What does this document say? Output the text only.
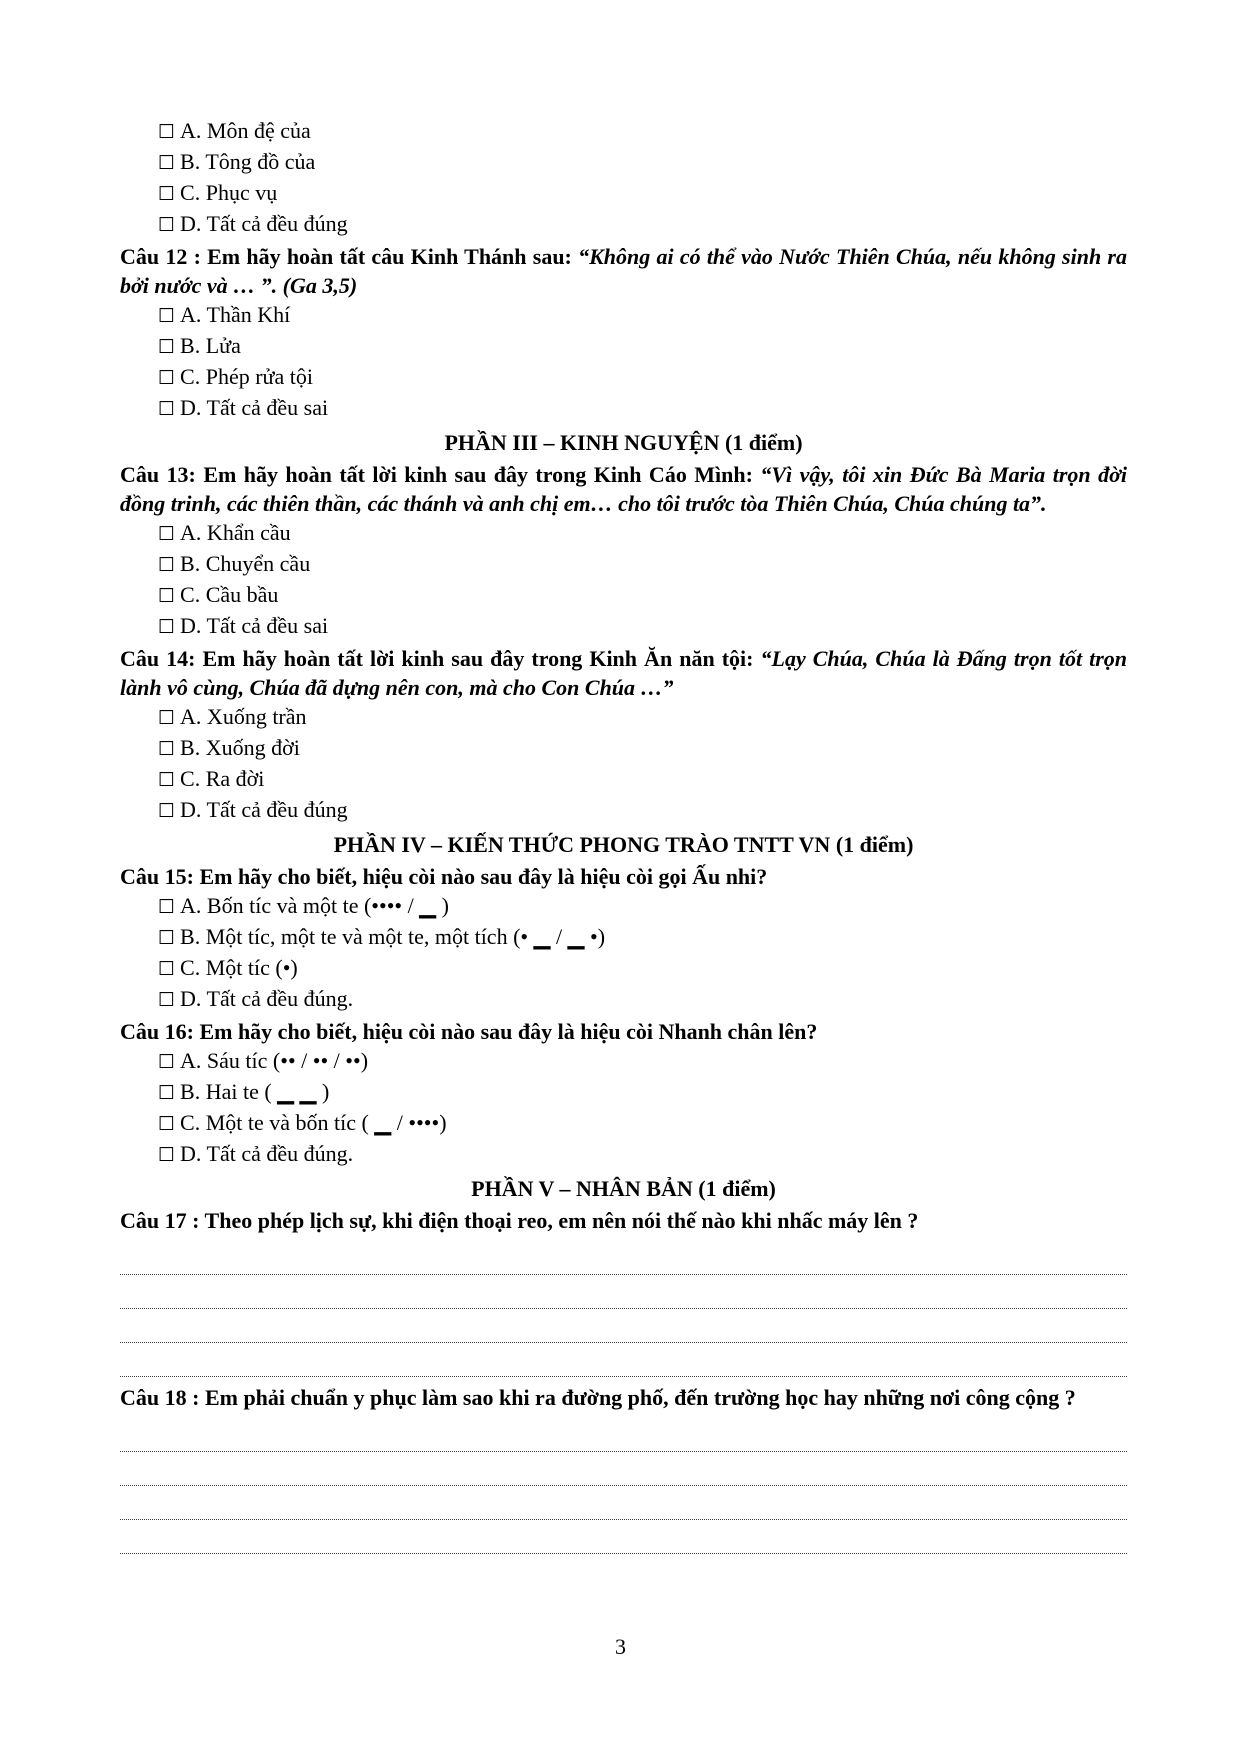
☐ A. Môn đệ của
☐ B. Tông đồ của
☐ C. Phục vụ
☐ D. Tất cả đều đúng
Câu 12 : Em hãy hoàn tất câu Kinh Thánh sau: “Không ai có thể vào Nước Thiên Chúa, nếu không sinh ra bởi nước và … ”. (Ga 3,5)
☐ A. Thần Khí
☐ B. Lửa
☐ C. Phép rửa tội
☐ D. Tất cả đều sai
PHẦN III – KINH NGUYỆN (1 điểm)
Câu 13: Em hãy hoàn tất lời kinh sau đây trong Kinh Cáo Mình: “Vì vậy, tôi xin Đức Bà Maria trọn đời đồng trinh, các thiên thần, các thánh và anh chị em… cho tôi trước tòa Thiên Chúa, Chúa chúng ta”.
☐ A. Khẩn cầu
☐ B. Chuyển cầu
☐ C. Cầu bầu
☐ D. Tất cả đều sai
Câu 14: Em hãy hoàn tất lời kinh sau đây trong Kinh Ăn năn tội: “Lạy Chúa, Chúa là Đấng trọn tốt trọn lành vô cùng, Chúa đã dựng nên con, mà cho Con Chúa …”
☐ A. Xuống trần
☐ B. Xuống đời
☐ C. Ra đời
☐ D. Tất cả đều đúng
PHẦN IV – KIẾN THỨC PHONG TRÀO TNTT VN (1 điểm)
Câu 15: Em hãy cho biết, hiệu còi nào sau đây là hiệu còi gọi Ấu nhi?
☐ A. Bốn tíc và một te (•••• / ▁ )
☐ B. Một tíc, một te và một te, một tích (• ▁ / ▁ •)
☐ C. Một tíc (•)
☐ D. Tất cả đều đúng.
Câu 16: Em hãy cho biết, hiệu còi nào sau đây là hiệu còi Nhanh chân lên?
☐ A. Sáu tíc (•• / •• / ••)
☐ B. Hai te ( ▁ ▁ )
☐ C. Một te và bốn tíc ( ▁ / ••••)
☐ D. Tất cả đều đúng.
PHẦN V – NHÂN BẢN (1 điểm)
Câu 17 : Theo phép lịch sự, khi điện thoại reo, em nên nói thế nào khi nhấc máy lên ?
Câu 18 : Em phải chuẩn y phục làm sao khi ra đường phố, đến trường học hay những nơi công cộng ?
3
